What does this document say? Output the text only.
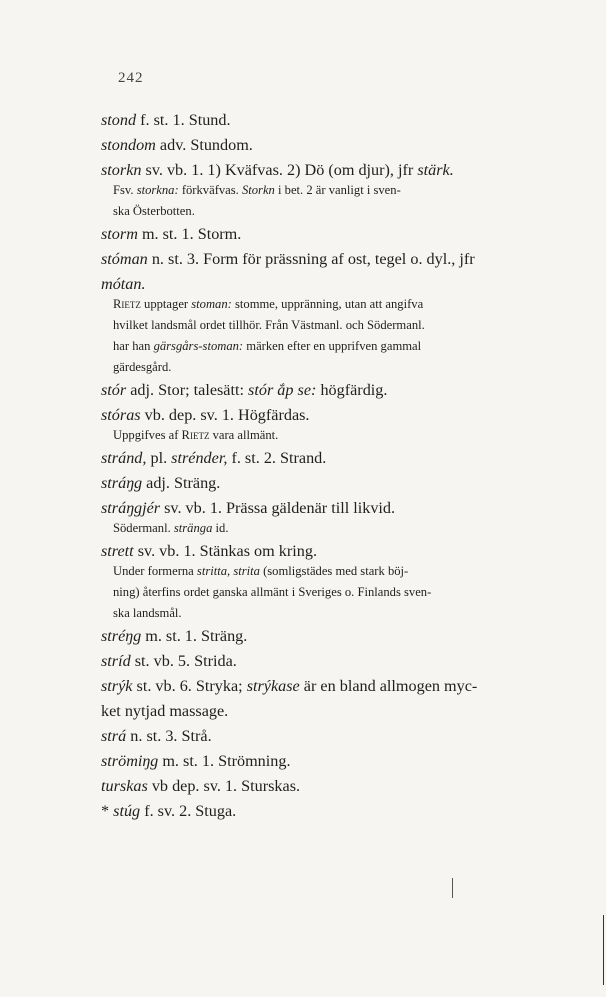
242
stond f. st. 1. Stund.
stondom adv. Stundom.
storkn sv. vb. 1. 1) Kväfvas. 2) Dö (om djur), jfr stärk.
Fsv. storkna: förkväfvas. Storkn i bet. 2 är vanligt i sven-
ska Österbotten.
storm m. st. 1. Storm.
stóman n. st. 3. Form för prässning af ost, tegel o. dyl., jfr
mótan.
Rietz upptager stoman: stomme, uppränning, utan att angifva
hvilket landsmål ordet tillhör. Från Västmanl. och Södermanl.
har han gärsgårs-stoman: märken efter en upprifven gammal
gärdesgård.
stór adj. Stor; talesätt: stór ắp se: högfärdig.
stóras vb. dep. sv. 1. Högfärdas.
Uppgifves af Rietz vara allmänt.
stránd, pl. strénder, f. st. 2. Strand.
stráŋg adj. Sträng.
stráŋgjér sv. vb. 1. Prässa gäldenär till likvid.
Södermanl. stränga id.
strett sv. vb. 1. Stänkas om kring.
Under formerna stritta, strita (somligstädes med stark böj-
ning) återfins ordet ganska allmänt i Sveriges o. Finlands sven-
ska landsmål.
stréŋg m. st. 1. Sträng.
stríd st. vb. 5. Strida.
strýk st. vb. 6. Stryka; strýkase är en bland allmogen myc-
ket nytjad massage.
strá n. st. 3. Strå.
strömiŋg m. st. 1. Strömning.
turskas vb dep. sv. 1. Sturskas.
* stúg f. sv. 2. Stuga.
